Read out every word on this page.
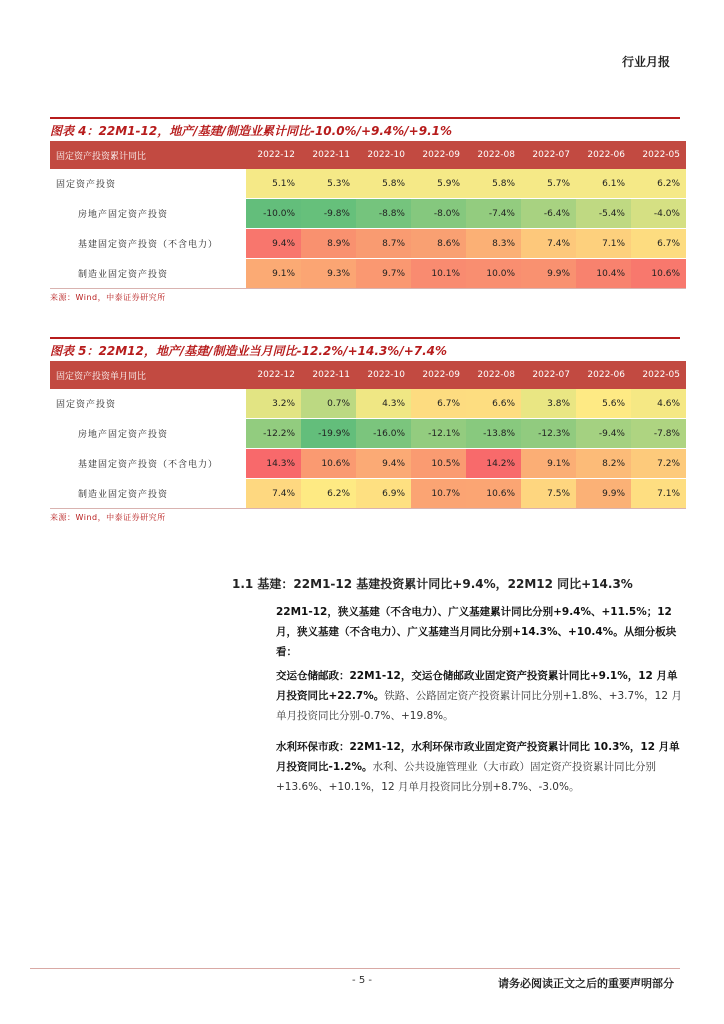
行业月报
图表 4：22M1-12，地产/基建/制造业累计同比-10.0%/+9.4%/+9.1%
固定资产投资累计同比	2022-12	2022-11	2022-10	2022-09	2022-08	2022-07	2022-06	2022-05
固定资产投资	5.1%	5.3%	5.8%	5.9%	5.8%	5.7%	6.1%	6.2%
房地产固定资产投资	-10.0%	-9.8%	-8.8%	-8.0%	-7.4%	-6.4%	-5.4%	-4.0%
基建固定资产投资（不含电力）	9.4%	8.9%	8.7%	8.6%	8.3%	7.4%	7.1%	6.7%
制造业固定资产投资	9.1%	9.3%	9.7%	10.1%	10.0%	9.9%	10.4%	10.6%
来源：Wind，中泰证券研究所
图表 5：22M12，地产/基建/制造业当月同比-12.2%/+14.3%/+7.4%
固定资产投资单月同比	2022-12	2022-11	2022-10	2022-09	2022-08	2022-07	2022-06	2022-05
固定资产投资	3.2%	0.7%	4.3%	6.7%	6.6%	3.8%	5.6%	4.6%
房地产固定资产投资	-12.2%	-19.9%	-16.0%	-12.1%	-13.8%	-12.3%	-9.4%	-7.8%
基建固定资产投资（不含电力）	14.3%	10.6%	9.4%	10.5%	14.2%	9.1%	8.2%	7.2%
制造业固定资产投资	7.4%	6.2%	6.9%	10.7%	10.6%	7.5%	9.9%	7.1%
来源：Wind，中泰证券研究所
1.1 基建：22M1-12 基建投资累计同比+9.4%，22M12 同比+14.3%
22M1-12，狭义基建（不含电力）、广义基建累计同比分别+9.4%、+11.5%；12 月，狭义基建（不含电力）、广义基建当月同比分别+14.3%、+10.4%。从细分板块看：
交运仓储邮政：22M1-12，交运仓储邮政业固定资产投资累计同比+9.1%，12 月单月投资同比+22.7%。铁路、公路固定资产投资累计同比分别+1.8%、+3.7%，12 月单月投资同比分别-0.7%、+19.8%。
水利环保市政：22M1-12，水利环保市政业固定资产投资累计同比 10.3%，12 月单月投资同比-1.2%。水利、公共设施管理业（大市政）固定资产投资累计同比分别+13.6%、+10.1%，12 月单月投资同比分别+8.7%、-3.0%。
- 5 -	请务必阅读正文之后的重要声明部分
